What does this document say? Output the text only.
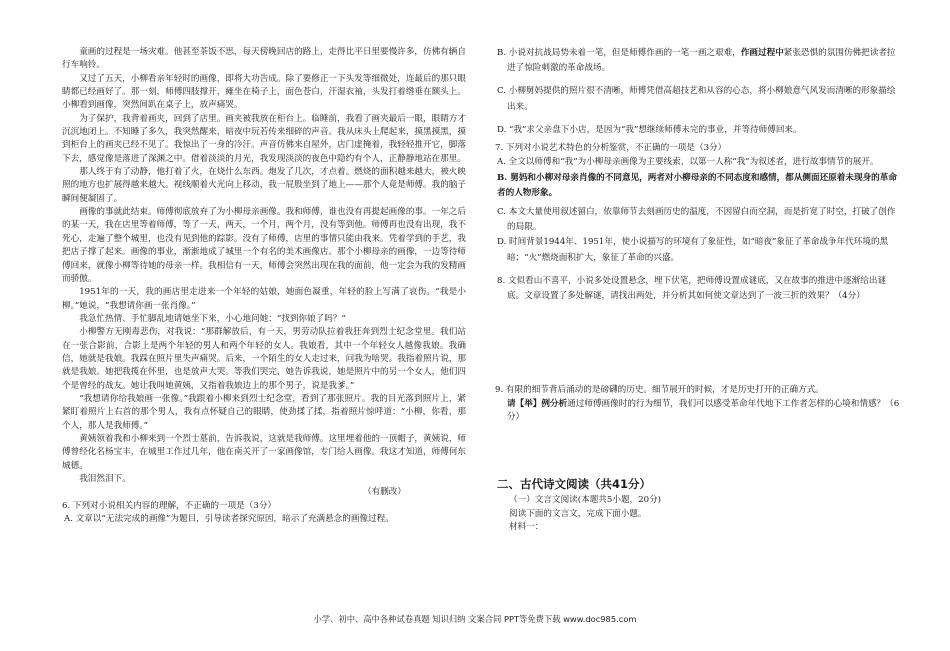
童画的过程是一场灾难。他甚至茶饭不思，每天傍晚回店的路上，走得比平日里要慢许多，仿佛有辆自行车响铃。

又过了五天，小柳看亲年轻时的画像，即将大功告成。除了要修正一下头发等细微处，连最后的那只眼睛都已经画好了。那一刻，师傅四肢撑开，瘫坐在椅子上，面色苍白，汗湿衣袖，头发打着绺垂在额头上。小柳看到画像，突然间趴在桌子上，放声痛哭。

为了保护，我背着画夹，回到了店里。画夹被我放在柜台上。临睡前，我看了画夹最后一眼，眼睛方才沉沉地闭上。不知睡了多久，我突然醒来，暗夜中玩若传来细碎的声音。我从床头上爬起来，摸黑摸黑，摸到柜台上的画夹已经不见了。我惊出了一身的冷汗。声音仿佛来自屋外，店门虚掩着，我轻轻推开它，脚落下去，感觉像是落进了深渊之中。借着淡淡的月光，我发现淡淡的夜色中隐约有个人，正静静地站在那里。

那人终于有了动静，他打着了火，在烧什么东西。炮发了几次，才点着。燃烧的面积越来越大，被火映照的地方也扩展得越来越大。视线顺着火光向上移动，我一屁股坐到了地上——那个人竟是师傅。我的脑子瞬间便凝固了。

画像的事就此结束。师傅彻底放弃了为小柳母亲画像。我和师傅，谁也没有再提起画像的事。一年之后的某一天，我在店里等着师傅，等了一天，两天，一个月，两个月，没有等到他。师傅再也没有出现，我不死心，走遍了整个城里，也没有见到他的踪影。没有了师傅，店里的事情只能由我来。凭着学到的手艺，我把店子撑了起来。画像的事业，渐渐地成了城里一个有名的美术画像店。那个小柳母亲的画像，一边等待师傅回来，就像小柳等待她的母亲一样。我相信有一天，师傅会突然出现在我的面前，他一定会为我的发精画而骄傲。

1951年的一天，我的画店里走进来一个年轻的姑娘，她面色凝重，年轻的脸上写满了哀伤。“我是小柳。”她说，“我想请你画一张肖像。”

我急忙热情、手忙脚乱地请她坐下来，小心地问她：“找到你娘了吗？”

小柳警方无刚毒悲伤，对我说：“那群解放后，有一天，男劳动队拉着我狂奔到烈士纪念堂里。我们站在一张合影前，合影上是两个年轻的男人和两个年轻的女人。我娘看，其中一个年轻女人越像我娘。我确信，她就是我娘。我踩在照片里失声痛哭。后来，一个陌生的女人走过来，问我为啥哭。我指着照片说，那就是我娘。她把我揽在怀里，也是放声大哭。等我们哭完，她告诉我说，她是照片中的另一个女人，他们四个是曾经的战友。她让我叫她黄姨，又指着我娘边上的那个男子，说是我爹。”

“我想请你给我娘画一张像。”我跟着小柳来到烈士纪念堂，看到了那张照片。我的目光落到照片上，紧紧盯着照片上右首的那个男人，我有点怀疑自己的眼睛，使劲揉了揉，指着照片惊呼道：“小柳，你看，那个人，那人是我师傅。”

黄姨领着我和小柳来到一个烈士墓前，告诉我说，这就是我师傅。这里埋着他的一顶帽子，黄姨说，师傅曾经化名杨宝丰，在城里工作过几年，他在南关开了一家画像馆，专门给人画像。我这才知道，师傅何东城德。

我泪然泪下。

（有删改）

6. 下列对小说相关内容的理解，不正确的一项是（3分）

A. 文章以“无法完成的画像”为题目，引导读者探究原因，暗示了充满悬念的画像过程。

B. 小说对抗战局势未着一笔，但是师傅作画的一笔一画之艰难，作画过程中紧张恐惧的氛围仿佛把读者拉进了惊险刺激的革命战场。

C. 小柳舅妈提供的照片很不清晰，师傅凭借高超技艺和从容的心态，将小柳娘意气风发而清晰的形象描绘出来。

D. “我”求父亲盘下小店，是因为“我”想继续师傅未完的事业，并等待师傅回来。

7. 下列对小说艺术特色的分析鉴赏，不正确的一项是（3分）

A. 全文以师傅和“我”为小柳母亲画像为主要线索，以第一人称“我”为叙述者，进行故事情节的展开。

B. 舅妈和小柳对母亲肖像的不同意见，两者对小柳母亲的不同态度和感情，都从侧面还原着未现身的革命者的人物形象。

C. 本文大量使用叙述留白，依靠师节去刻画历史的温度，不因留白而空洞，而是折宽了时空，打破了创作的局限。

D. 时间背景1944年、1951年，使小说描写的环境有了象征性，如“暗夜”象征了革命战争年代环境的黑暗；“火”燃烧面积扩大，象征了革命的兴盛。

8. 文似看山不喜平，小说多处设置悬念，埋下伏笔，把师傅设置成谜底，又在故事的推进中逐渐给出谜底。文章设置了多处解谜，请找出两处，并分析其如何使文章达到了一波三折的效果？（4分）

9. 有限的细节背后涌动的是磅礴的历史。细节展开的时候，才是历史打开的正确方式。

请【举】例分析通过师傅画像时的行为细节，我们可以感受革命年代地下工作者怎样的心境和情感？（6分）

二、古代诗文阅读（共41分）

（一）文言文阅读(本题共5小题，20分)

阅读下面的文言文，完成下面小题。

材料一：

小学、初中、高中各种试卷真题 知识归纳 文案合同 PPT等免费下载 www.doc985.com
